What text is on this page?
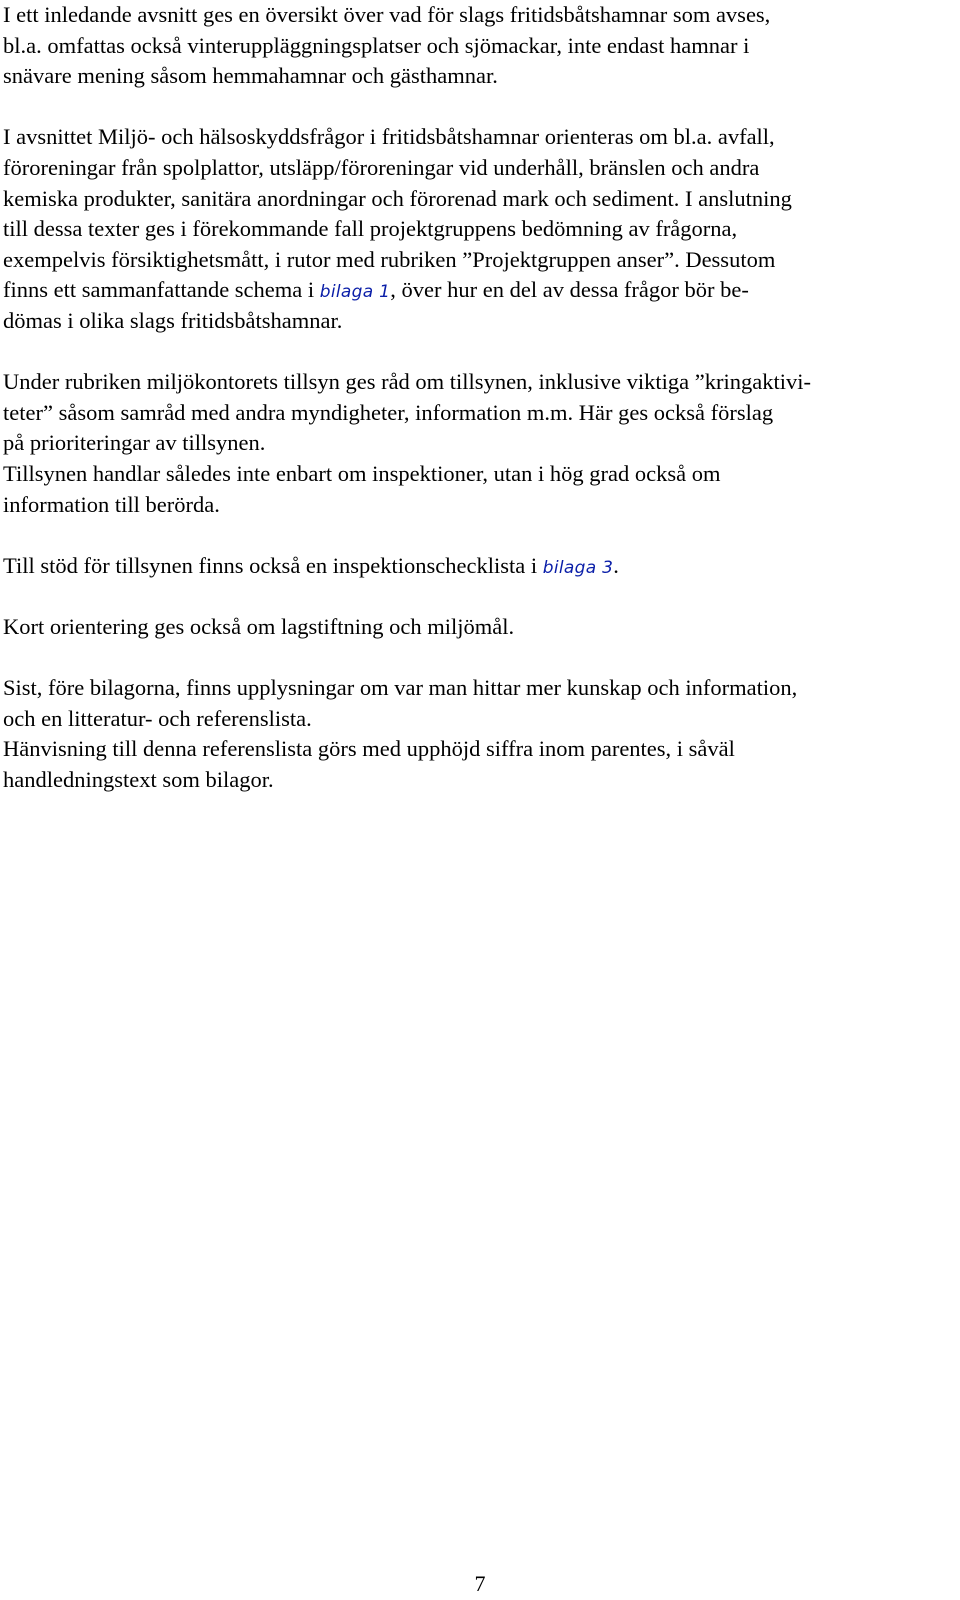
I ett inledande avsnitt ges en översikt över vad för slags fritidsbåtshamnar som avses,
bl.a. omfattas också vinteruppläggningsplatser och sjömackar, inte endast hamnar i
snävare mening såsom hemmahamnar och gästhamnar.
I avsnittet Miljö- och hälsoskyddsfrågor i fritidsbåtshamnar orienteras om bl.a. avfall,
föroreningar från spolplattor, utsläpp/föroreningar vid underhåll, bränslen och andra
kemiska produkter, sanitära anordningar och förorenad mark och sediment. I anslutning
till dessa texter ges i förekommande fall projektgruppens bedömning av frågorna,
exempelvis försiktighetsmått, i rutor med rubriken ”Projektgruppen anser”. Dessutom
finns ett sammanfattande schema i bilaga 1, över hur en del av dessa frågor bör be-
dömas i olika slags fritidsbåtshamnar.
Under rubriken miljökontorets tillsyn ges råd om tillsynen, inklusive viktiga ”kringaktivi-
teter” såsom samråd med andra myndigheter, information m.m. Här ges också förslag
på prioriteringar av tillsynen.
Tillsynen handlar således inte enbart om inspektioner, utan i hög grad också om
information till berörda.
Till stöd för tillsynen finns också en inspektionschecklista i bilaga 3.
Kort orientering ges också om lagstiftning och miljömål.
Sist, före bilagorna, finns upplysningar om var man hittar mer kunskap och information,
och en litteratur- och referenslista.
Hänvisning till denna referenslista görs med upphöjd siffra inom parentes, i såväl
handledningstext som bilagor.
7
